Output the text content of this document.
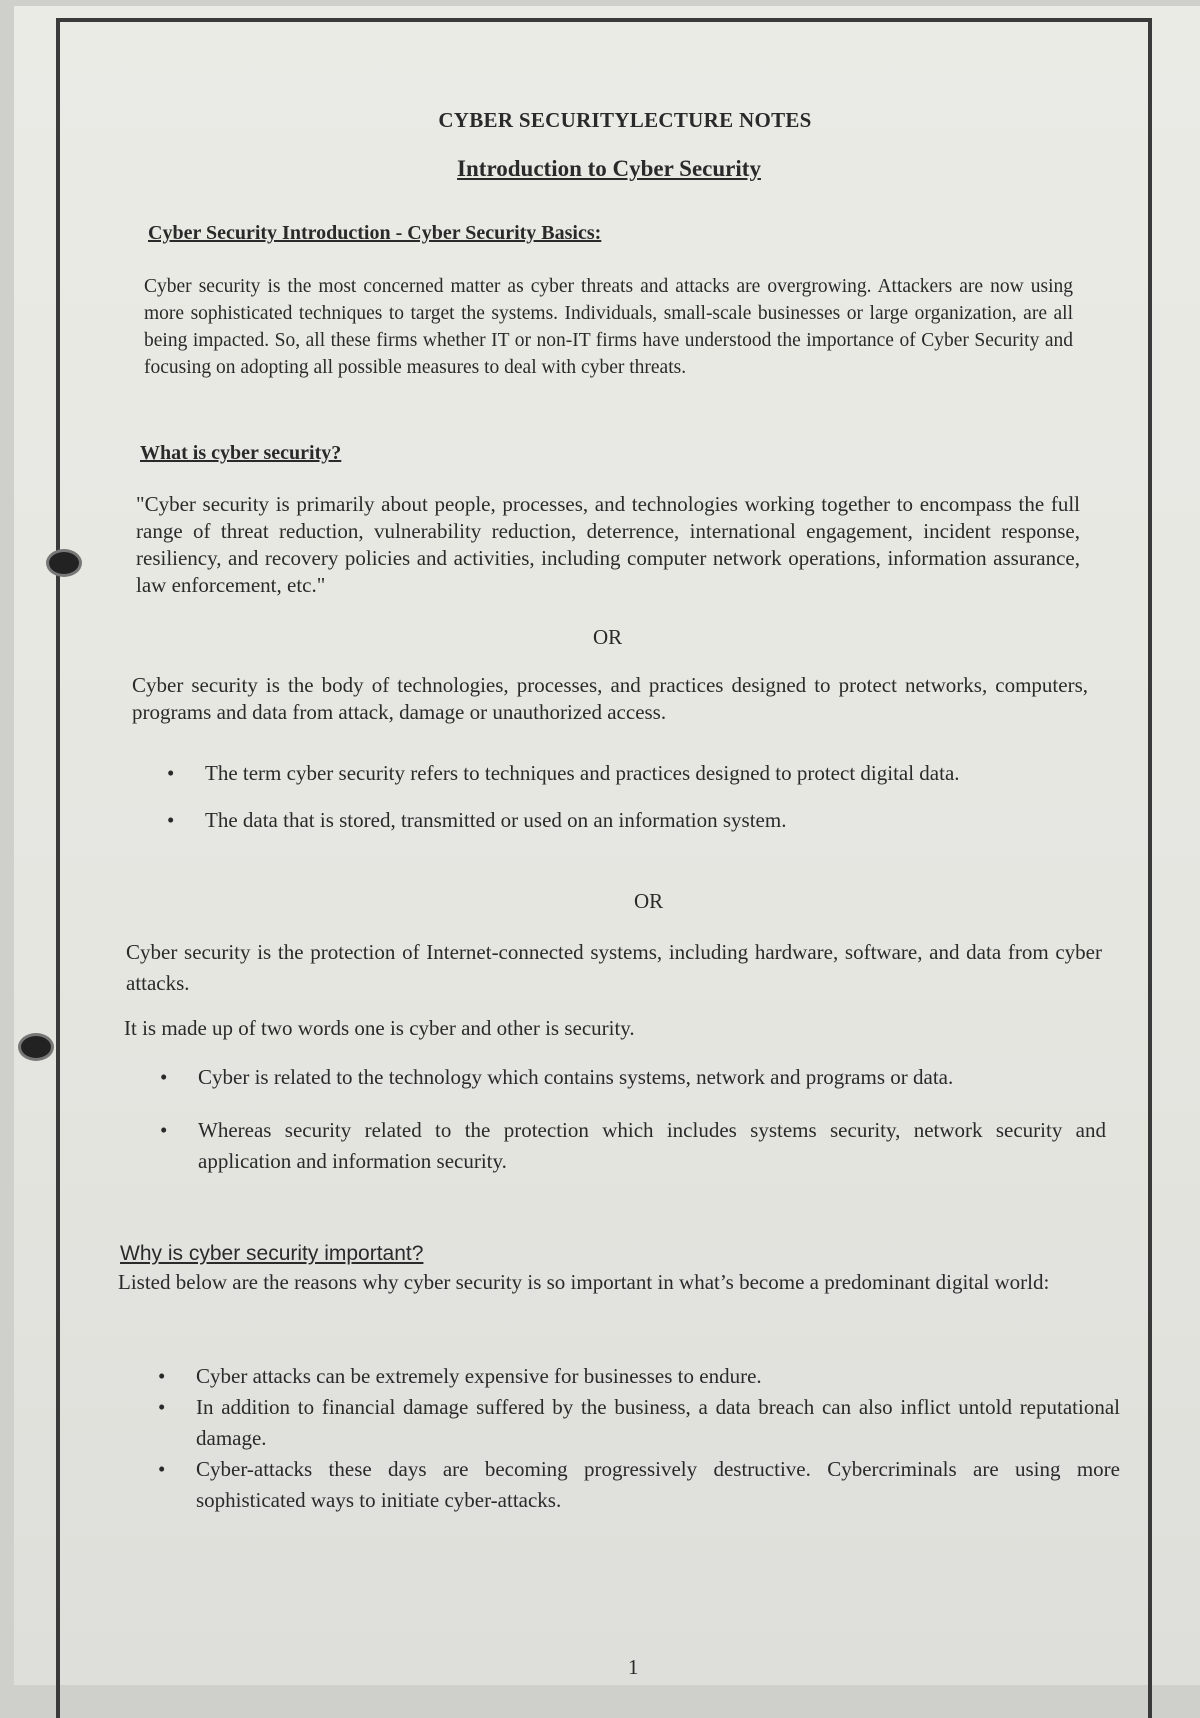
CYBER SECURITYLECTURE NOTES
Introduction to Cyber Security
Cyber Security Introduction - Cyber Security Basics:

Cyber security is the most concerned matter as cyber threats and attacks are overgrowing. Attackers are now using more sophisticated techniques to target the systems. Individuals, small-scale businesses or large organization, are all being impacted. So, all these firms whether IT or non-IT firms have understood the importance of Cyber Security and focusing on adopting all possible measures to deal with cyber threats.

What is cyber security?

"Cyber security is primarily about people, processes, and technologies working together to encompass the full range of threat reduction, vulnerability reduction, deterrence, international engagement, incident response, resiliency, and recovery policies and activities, including computer network operations, information assurance, law enforcement, etc."

OR

Cyber security is the body of technologies, processes, and practices designed to protect networks, computers, programs and data from attack, damage or unauthorized access.

• The term cyber security refers to techniques and practices designed to protect digital data.
• The data that is stored, transmitted or used on an information system.
OR

Cyber security is the protection of Internet-connected systems, including hardware, software, and data from cyber attacks.

It is made up of two words one is cyber and other is security.
• Cyber is related to the technology which contains systems, network and programs or data.
• Whereas security related to the protection which includes systems security, network security and application and information security.
Why is cyber security important?

Listed below are the reasons why cyber security is so important in what’s become a predominant digital world:

• Cyber attacks can be extremely expensive for businesses to endure.
• In addition to financial damage suffered by the business, a data breach can also inflict untold reputational damage.
• Cyber-attacks these days are becoming progressively destructive. Cybercriminals are using more sophisticated ways to initiate cyber-attacks.
1
